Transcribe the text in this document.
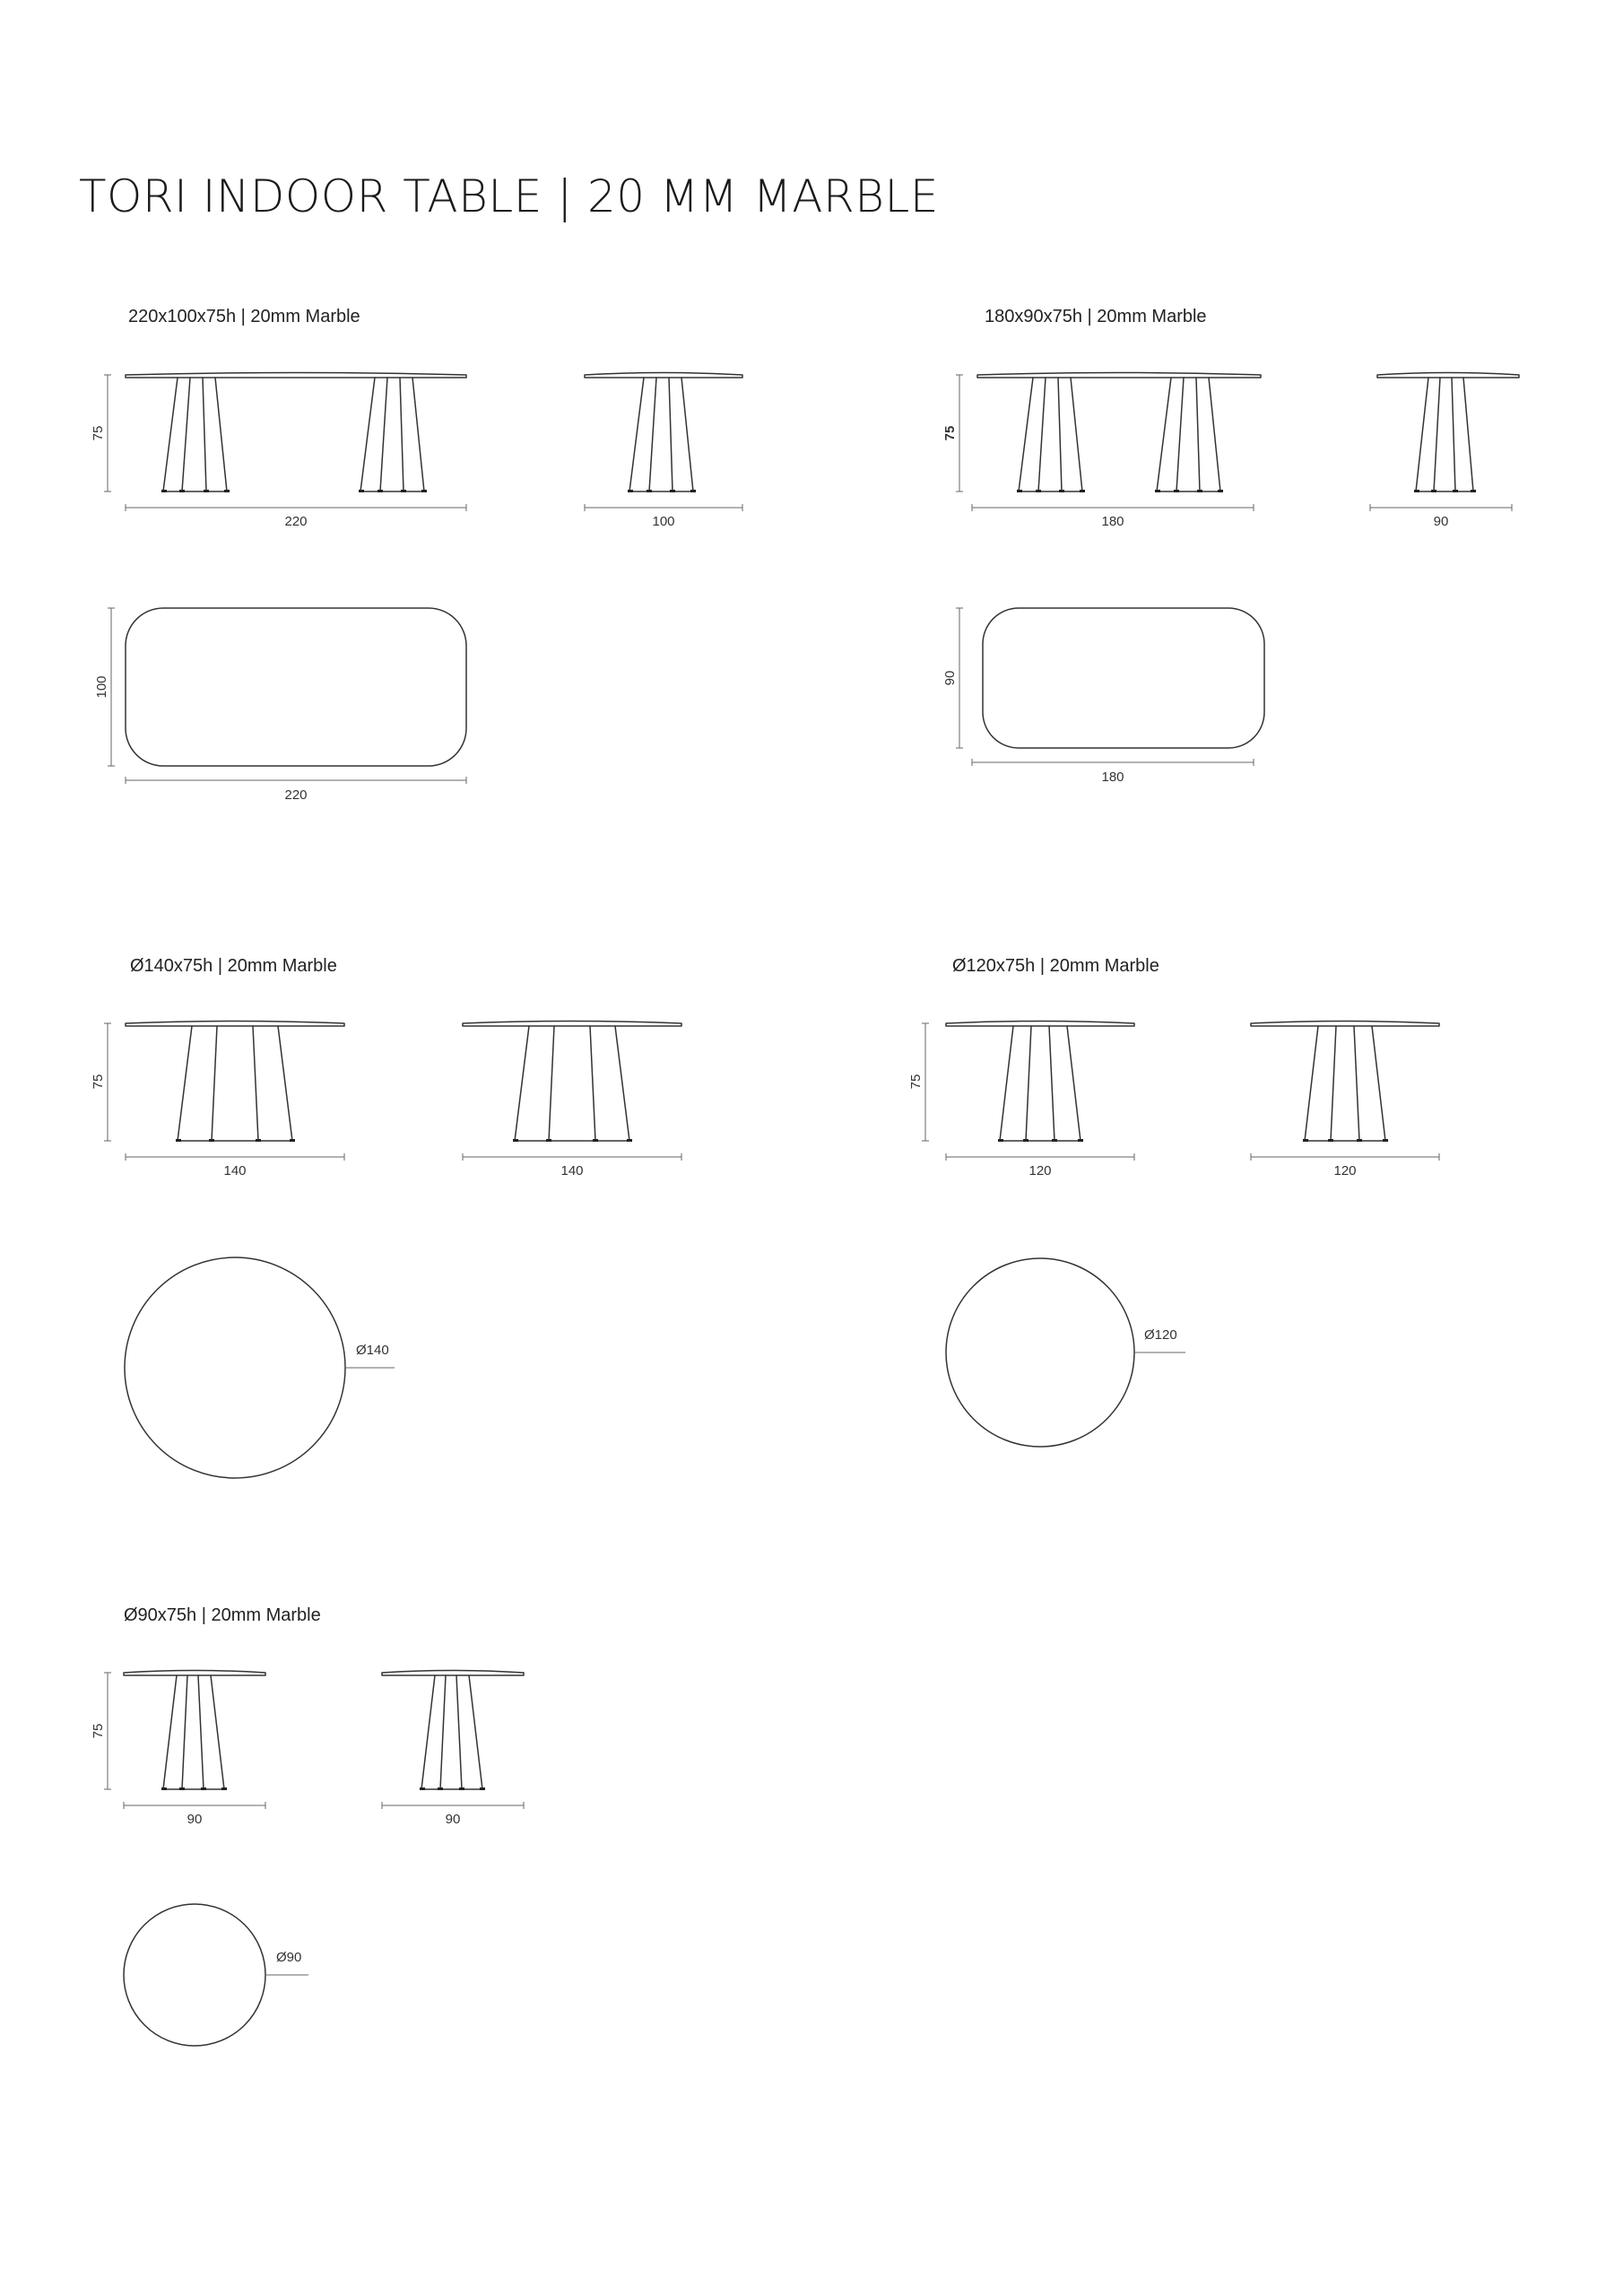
TORI INDOOR TABLE | 20 MM MARBLE
220x100x75h | 20mm Marble	180x90x75h | 20mm Marble
Ø140x75h | 20mm Marble	Ø120x75h | 20mm Marble
Ø90x75h | 20mm Marble
75
220	100
100
220
75
180	90
90
180
75
140	140
Ø140
75
120	120
Ø120
75
90	90
Ø90
